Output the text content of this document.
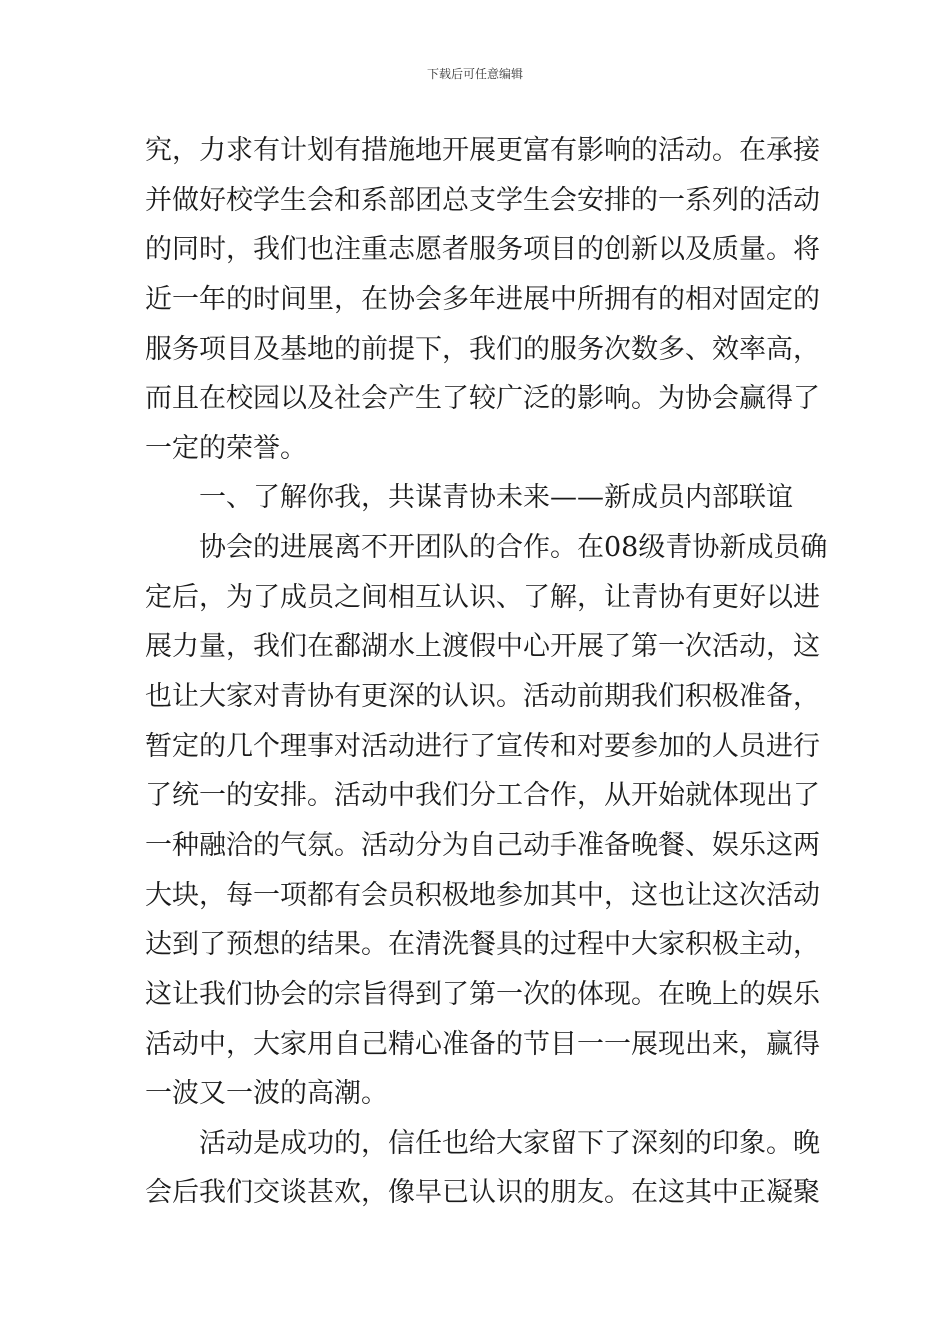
下载后可任意编辑
究，力求有计划有措施地开展更富有影响的活动。在承接
并做好校学生会和系部团总支学生会安排的一系列的活动
的同时，我们也注重志愿者服务项目的创新以及质量。将
近一年的时间里，在协会多年进展中所拥有的相对固定的
服务项目及基地的前提下，我们的服务次数多、效率高，
而且在校园以及社会产生了较广泛的影响。为协会赢得了
一定的荣誉。
一、了解你我，共谋青协未来——新成员内部联谊
协会的进展离不开团队的合作。在08级青协新成员确
定后，为了成员之间相互认识、了解，让青协有更好以进
展力量，我们在鄱湖水上渡假中心开展了第一次活动，这
也让大家对青协有更深的认识。活动前期我们积极准备，
暂定的几个理事对活动进行了宣传和对要参加的人员进行
了统一的安排。活动中我们分工合作，从开始就体现出了
一种融洽的气氛。活动分为自己动手准备晚餐、娱乐这两
大块，每一项都有会员积极地参加其中，这也让这次活动
达到了预想的结果。在清洗餐具的过程中大家积极主动，
这让我们协会的宗旨得到了第一次的体现。在晚上的娱乐
活动中，大家用自己精心准备的节目一一展现出来，赢得
一波又一波的高潮。
活动是成功的，信任也给大家留下了深刻的印象。晚
会后我们交谈甚欢，像早已认识的朋友。在这其中正凝聚
